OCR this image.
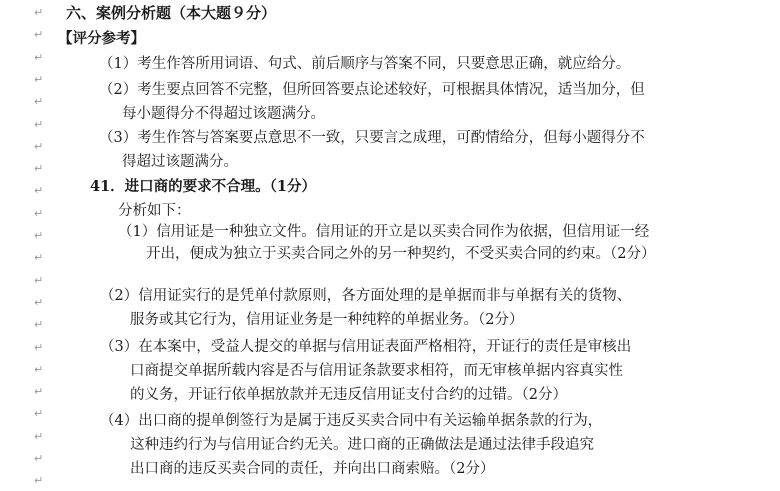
↵
↵
↵
↵
↵
↵
↵
↵
↵
↵
↵
↵
↵
↵
↵
↵
↵
↵
↵
↵
↵
↵
六、案例分析题（本大题９分）
【评分参考】
（1）考生作答所用词语、句式、前后顺序与答案不同，只要意思正确，就应给分。
（2）考生要点回答不完整，但所回答要点论述较好，可根据具体情况，适当加分，但
每小题得分不得超过该题满分。
（3）考生作答与答案要点意思不一致，只要言之成理，可酌情给分，但每小题得分不
得超过该题满分。
41．进口商的要求不合理。（1分）
分析如下：
（1）信用证是一种独立文件。信用证的开立是以买卖合同作为依据，但信用证一经
开出，便成为独立于买卖合同之外的另一种契约，不受买卖合同的约束。（2分）
（2）信用证实行的是凭单付款原则，各方面处理的是单据而非与单据有关的货物、
服务或其它行为，信用证业务是一种纯粹的单据业务。（2分）
（3）在本案中，受益人提交的单据与信用证表面严格相符，开证行的责任是审核出
口商提交单据所载内容是否与信用证条款要求相符，而无审核单据内容真实性
的义务，开证行依单据放款并无违反信用证支付合约的过错。（2分）
（4）出口商的提单倒签行为是属于违反买卖合同中有关运输单据条款的行为，
这种违约行为与信用证合约无关。进口商的正确做法是通过法律手段追究
出口商的违反买卖合同的责任，并向出口商索赔。（2分）
